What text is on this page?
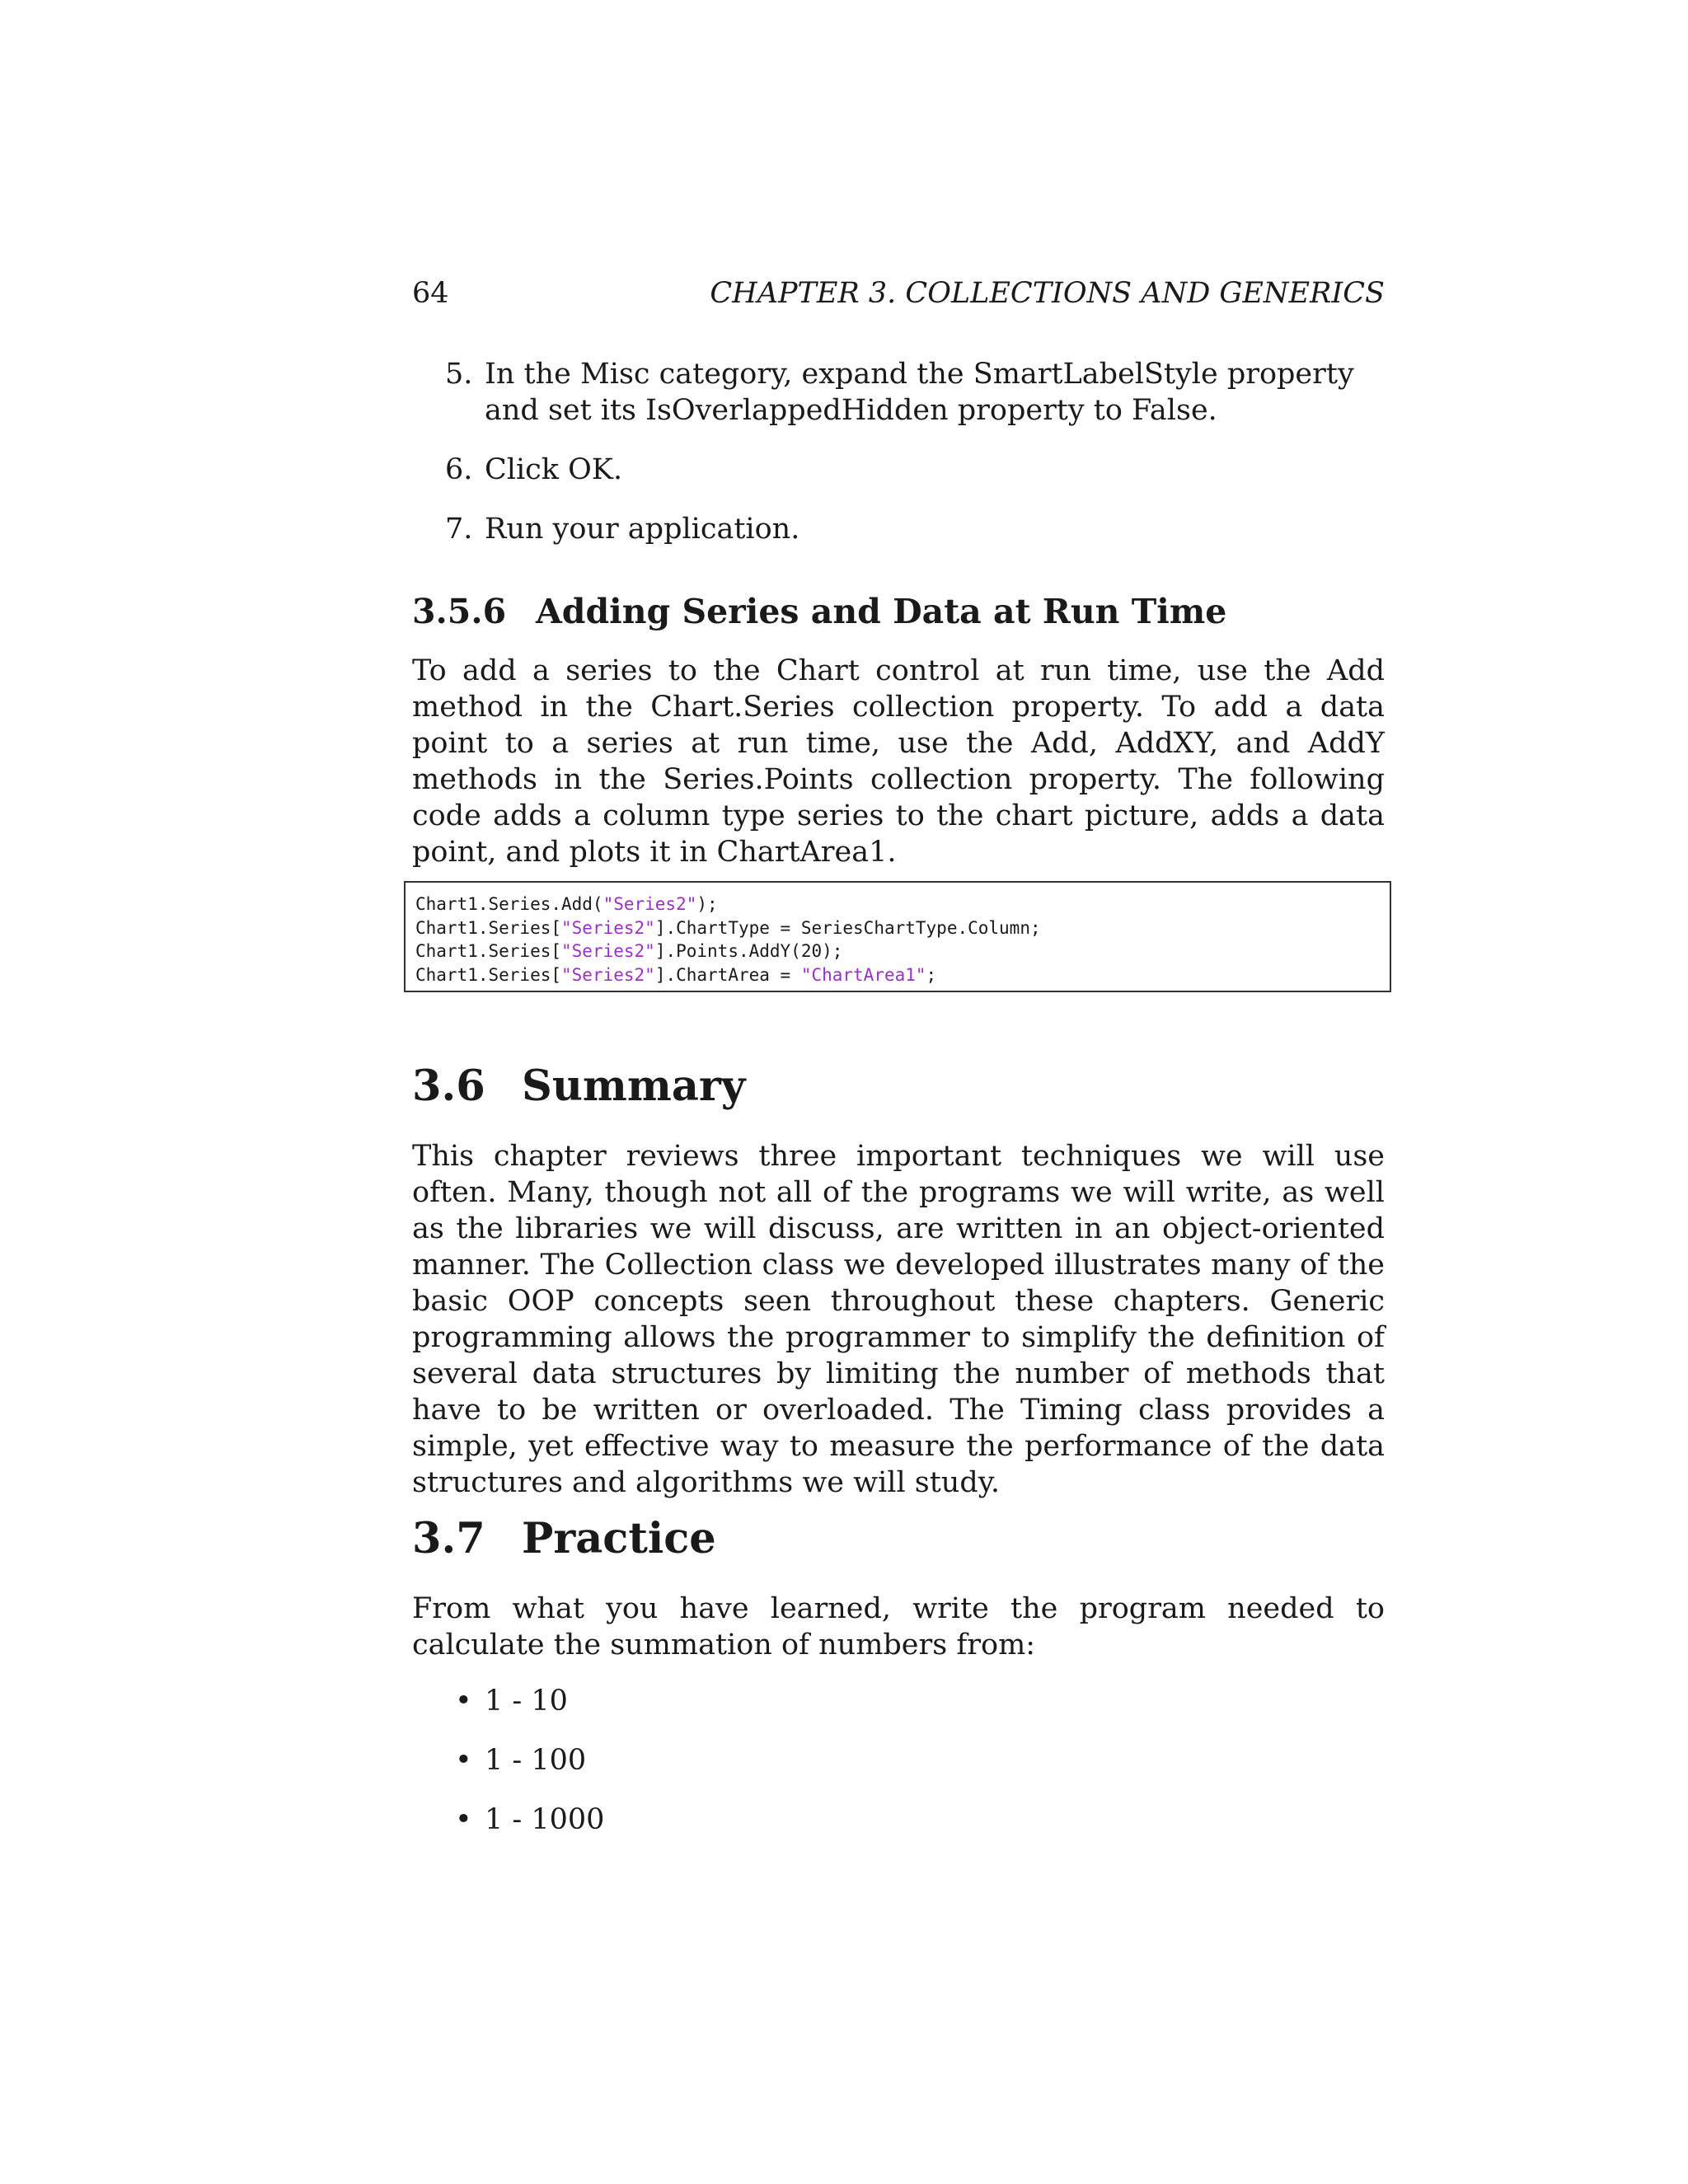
64	CHAPTER 3. COLLECTIONS AND GENERICS
5. In the Misc category, expand the SmartLabelStyle property and set its IsOverlappedHidden property to False.
6. Click OK.
7. Run your application.
3.5.6 Adding Series and Data at Run Time
To add a series to the Chart control at run time, use the Add method in the Chart.Series collection property. To add a data point to a series at run time, use the Add, AddXY, and AddY methods in the Series.Points collection property. The following code adds a column type series to the chart picture, adds a data point, and plots it in ChartArea1.
Chart1.Series.Add("Series2");
Chart1.Series["Series2"].ChartType = SeriesChartType.Column;
Chart1.Series["Series2"].Points.AddY(20);
Chart1.Series["Series2"].ChartArea = "ChartArea1";
3.6 Summary
This chapter reviews three important techniques we will use often. Many, though not all of the programs we will write, as well as the libraries we will discuss, are written in an object-oriented manner. The Collection class we developed illustrates many of the basic OOP concepts seen throughout these chapters. Generic programming allows the programmer to simplify the definition of several data structures by limiting the number of methods that have to be written or overloaded. The Timing class provides a simple, yet effective way to measure the performance of the data structures and algorithms we will study.
3.7 Practice
From what you have learned, write the program needed to calculate the summation of numbers from:
• 1 - 10
• 1 - 100
• 1 - 1000
